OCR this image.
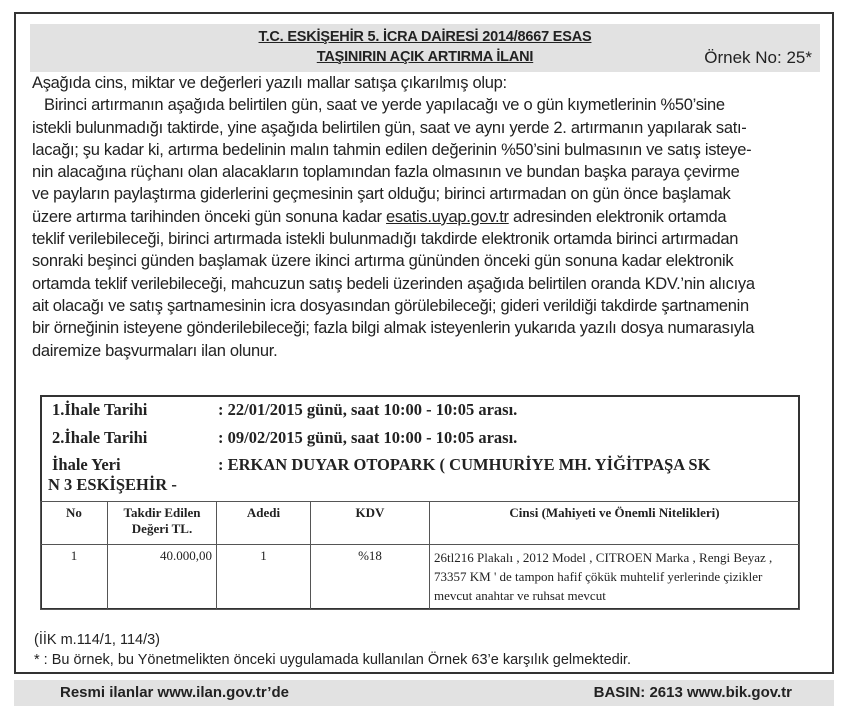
T.C. ESKİŞEHİR 5. İCRA DAİRESİ 2014/8667 ESAS
TAŞINIRIN AÇIK ARTIRMA İLANI	Örnek No: 25*
Aşağıda cins, miktar ve değerleri yazılı mallar satışa çıkarılmış olup:
Birinci artırmanın aşağıda belirtilen gün, saat ve yerde yapılacağı ve o gün kıymetlerinin %50’sine
istekli bulunmadığı taktirde, yine aşağıda belirtilen gün, saat ve aynı yerde 2. artırmanın yapılarak satı-
lacağı; şu kadar ki, artırma bedelinin malın tahmin edilen değerinin %50’sini bulmasının ve satış isteye-
nin alacağına rüçhanı olan alacakların toplamından fazla olmasının ve bundan başka paraya çevirme
ve payların paylaştırma giderlerini geçmesinin şart olduğu; birinci artırmadan on gün önce başlamak
üzere artırma tarihinden önceki gün sonuna kadar esatis.uyap.gov.tr adresinden elektronik ortamda
teklif verilebileceği, birinci artırmada istekli bulunmadığı takdirde elektronik ortamda birinci artırmadan
sonraki beşinci günden başlamak üzere ikinci artırma gününden önceki gün sonuna kadar elektronik
ortamda teklif verilebileceği, mahcuzun satış bedeli üzerinden aşağıda belirtilen oranda KDV.’nin alıcıya
ait olacağı ve satış şartnamesinin icra dosyasından görülebileceği; gideri verildiği takdirde şartnamenin
bir örneğinin isteyene gönderilebileceği; fazla bilgi almak isteyenlerin yukarıda yazılı dosya numarasıyla
dairemize başvurmaları ilan olunur.
1.İhale Tarihi	: 22/01/2015 günü, saat 10:00 - 10:05 arası.
2.İhale Tarihi	: 09/02/2015 günü, saat 10:00 - 10:05 arası.
İhale Yeri	: ERKAN DUYAR OTOPARK ( CUMHURİYE MH. YİĞİTPAŞA SK
N 3 ESKİŞEHİR -
No	Takdir Edilen Değeri TL.	Adedi	KDV	Cinsi (Mahiyeti ve Önemli Nitelikleri)
1	40.000,00	1	%18	26tl216 Plakalı , 2012 Model , CITROEN Marka , Rengi Beyaz , 73357 KM ' de tampon hafif çökük muhtelif yerlerinde çizikler mevcut anahtar ve ruhsat mevcut
(İİK m.114/1, 114/3)
* : Bu örnek, bu Yönetmelikten önceki uygulamada kullanılan Örnek 63’e karşılık gelmektedir.
Resmi ilanlar www.ilan.gov.tr’de	BASIN: 2613 www.bik.gov.tr
